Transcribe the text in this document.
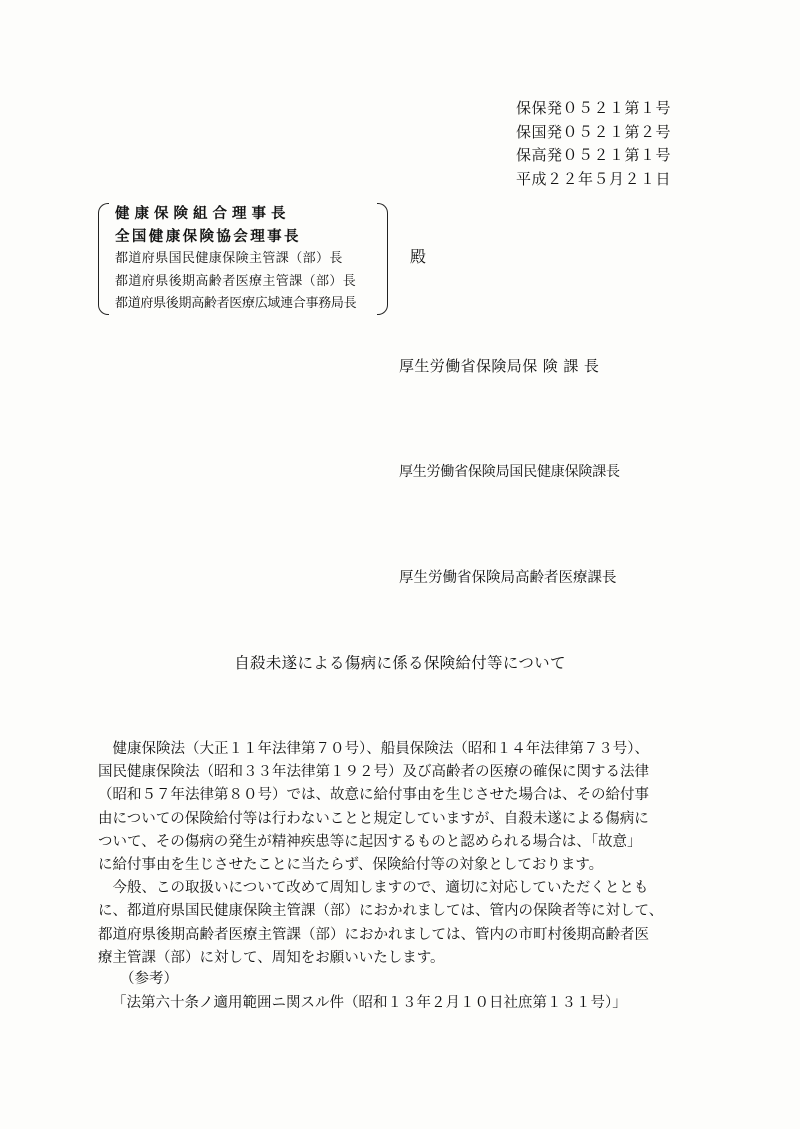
保保発０５２１第１号
保国発０５２１第２号
保高発０５２１第１号
平成２２年５月２１日
健康保険組合理事長
全国健康保険協会理事長
都道府県国民健康保険主管課（部）長
都道府県後期高齢者医療主管課（部）長
都道府県後期高齢者医療広域連合事務局長
殿
厚生労働省保険局保 険 課 長
厚生労働省保険局国民健康保険課長
厚生労働省保険局高齢者医療課長
自殺未遂による傷病に係る保険給付等について
　健康保険法（大正１１年法律第７０号）、船員保険法（昭和１４年法律第７３号）、
国民健康保険法（昭和３３年法律第１９２号）及び高齢者の医療の確保に関する法律
（昭和５７年法律第８０号）では、故意に給付事由を生じさせた場合は、その給付事
由についての保険給付等は行わないことと規定していますが、自殺未遂による傷病に
ついて、その傷病の発生が精神疾患等に起因するものと認められる場合は、「故意」
に給付事由を生じさせたことに当たらず、保険給付等の対象としております。
　今般、この取扱いについて改めて周知しますので、適切に対応していただくととも
に、都道府県国民健康保険主管課（部）におかれましては、管内の保険者等に対して、
都道府県後期高齢者医療主管課（部）におかれましては、管内の市町村後期高齢者医
療主管課（部）に対して、周知をお願いいたします。
（参考）
「法第六十条ノ適用範囲ニ関スル件（昭和１３年２月１０日社庶第１３１号）」
